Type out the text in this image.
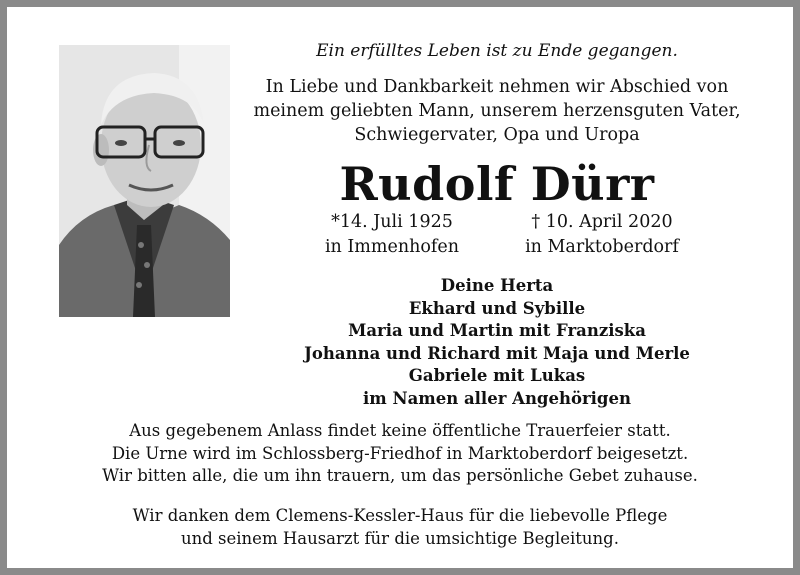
Ein erfülltes Leben ist zu Ende gegangen.
In Liebe und Dankbarkeit nehmen wir Abschied von
meinem geliebten Mann, unserem herzensguten Vater,
Schwiegervater, Opa und Uropa
Rudolf Dürr
*14. Juli 1925
in Immenhofen
† 10. April 2020
in Marktoberdorf
Deine Herta
Ekhard und Sybille
Maria und Martin mit Franziska
Johanna und Richard mit Maja und Merle
Gabriele mit Lukas
im Namen aller Angehörigen
Aus gegebenem Anlass findet keine öffentliche Trauerfeier statt.
Die Urne wird im Schlossberg-Friedhof in Marktoberdorf beigesetzt.
Wir bitten alle, die um ihn trauern, um das persönliche Gebet zuhause.
Wir danken dem Clemens-Kessler-Haus für die liebevolle Pflege
und seinem Hausarzt für die umsichtige Begleitung.
